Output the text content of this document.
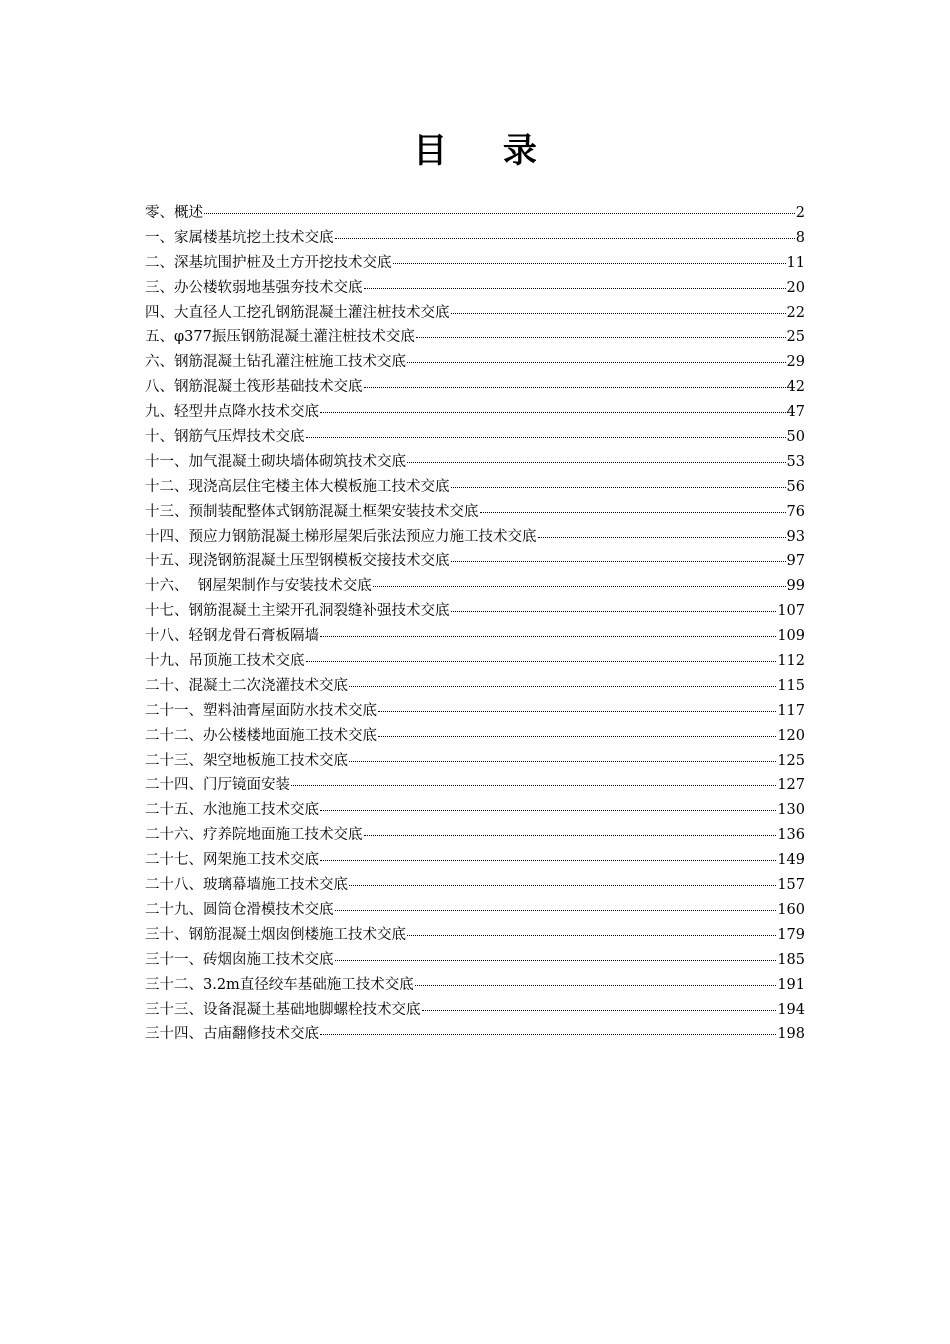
目 录
零、概述	2
一、家属楼基坑挖土技术交底	8
二、深基坑围护桩及土方开挖技术交底	11
三、办公楼软弱地基强夯技术交底	20
四、大直径人工挖孔钢筋混凝土灌注桩技术交底	22
五、φ377振压钢筋混凝土灌注桩技术交底	25
六、钢筋混凝土钻孔灌注桩施工技术交底	29
八、钢筋混凝土筏形基础技术交底	42
九、轻型井点降水技术交底	47
十、钢筋气压焊技术交底	50
十一、加气混凝土砌块墙体砌筑技术交底	53
十二、现浇高层住宅楼主体大模板施工技术交底	56
十三、预制装配整体式钢筋混凝土框架安装技术交底	76
十四、预应力钢筋混凝土梯形屋架后张法预应力施工技术交底	93
十五、现浇钢筋混凝土压型钢模板交接技术交底	97
十六、  钢屋架制作与安装技术交底	99
十七、钢筋混凝土主梁开孔洞裂缝补强技术交底	107
十八、轻钢龙骨石膏板隔墙	109
十九、吊顶施工技术交底	112
二十、混凝土二次浇灌技术交底	115
二十一、塑料油膏屋面防水技术交底	117
二十二、办公楼楼地面施工技术交底	120
二十三、架空地板施工技术交底	125
二十四、门厅镜面安装	127
二十五、水池施工技术交底	130
二十六、疗养院地面施工技术交底	136
二十七、网架施工技术交底	149
二十八、玻璃幕墙施工技术交底	157
二十九、圆筒仓滑模技术交底	160
三十、钢筋混凝土烟囱倒楼施工技术交底	179
三十一、砖烟囱施工技术交底	185
三十二、3.2m直径绞车基础施工技术交底	191
三十三、设备混凝土基础地脚螺栓技术交底	194
三十四、古庙翻修技术交底	198
